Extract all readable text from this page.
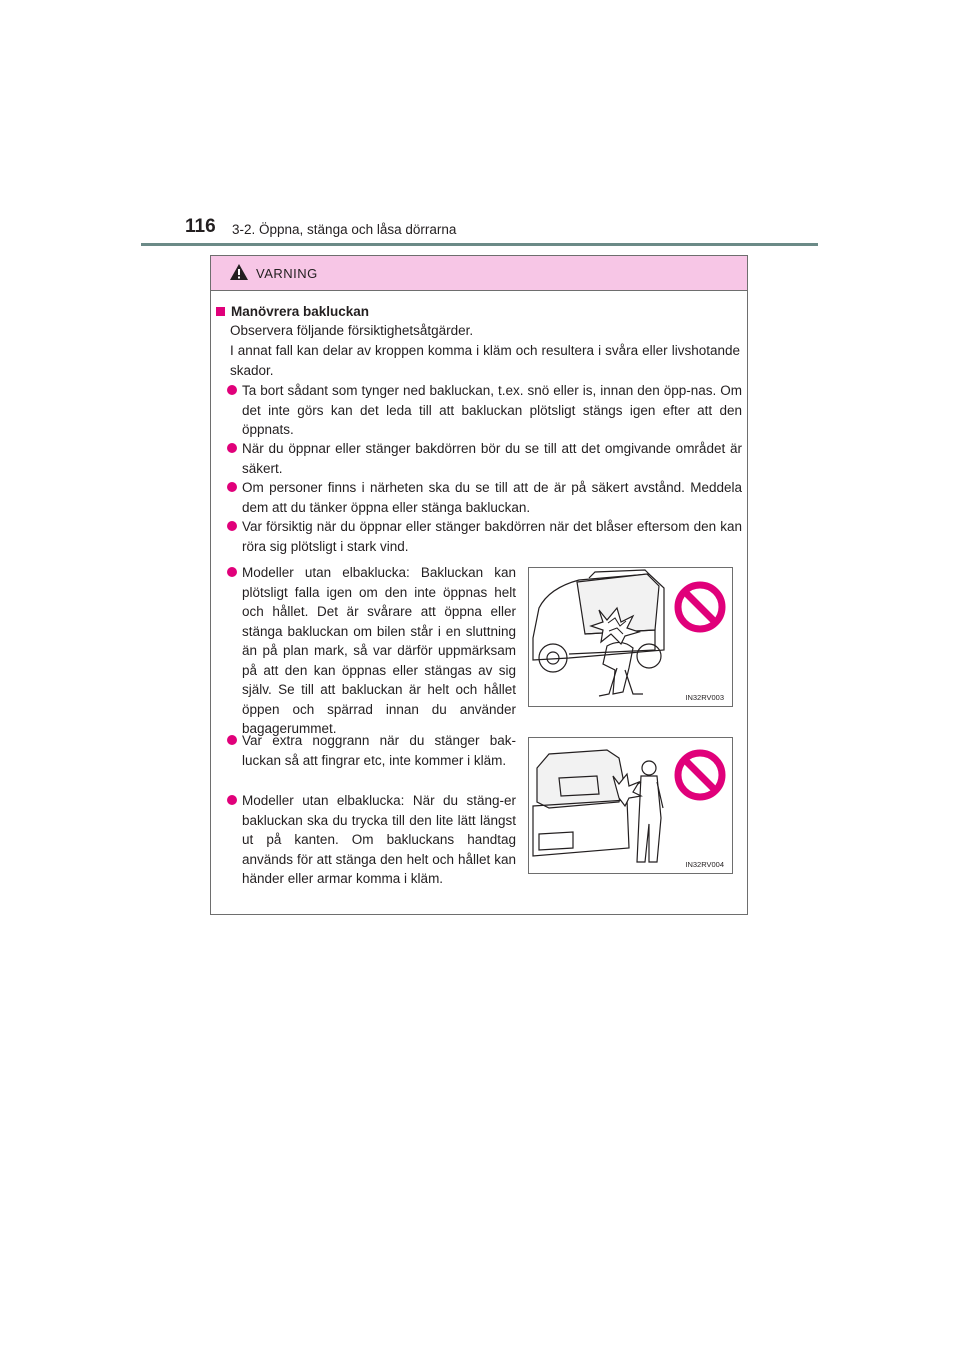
116 3-2. Öppna, stänga och låsa dörrarna
VARNING
Manövrera bakluckan
Observera följande försiktighetsåtgärder.
I annat fall kan delar av kroppen komma i kläm och resultera i svåra eller livshotande skador.
Ta bort sådant som tynger ned bakluckan, t.ex. snö eller is, innan den öpp-nas. Om det inte görs kan det leda till att bakluckan plötsligt stängs igen efter att den öppnats.
När du öppnar eller stänger bakdörren bör du se till att det omgivande området är säkert.
Om personer finns i närheten ska du se till att de är på säkert avstånd. Meddela dem att du tänker öppna eller stänga bakluckan.
Var försiktig när du öppnar eller stänger bakdörren när det blåser eftersom den kan röra sig plötsligt i stark vind.
Modeller utan elbaklucka: Bakluckan kan plötsligt falla igen om den inte öppnas helt och hållet. Det är svårare att öppna eller stänga bakluckan om bilen står i en sluttning än på plan mark, så var därför uppmärksam på att den kan öppnas eller stängas av sig själv. Se till att bakluckan är helt och hållet öppen och spärrad innan du använder bagagerummet.
Var extra noggrann när du stänger bak-luckan så att fingrar etc, inte kommer i kläm.
Modeller utan elbaklucka: När du stäng-er bakluckan ska du trycka till den lite lätt längst ut på kanten. Om bakluckans handtag används för att stänga den helt och hållet kan händer eller armar komma i kläm.
IN32RV003
IN32RV004
